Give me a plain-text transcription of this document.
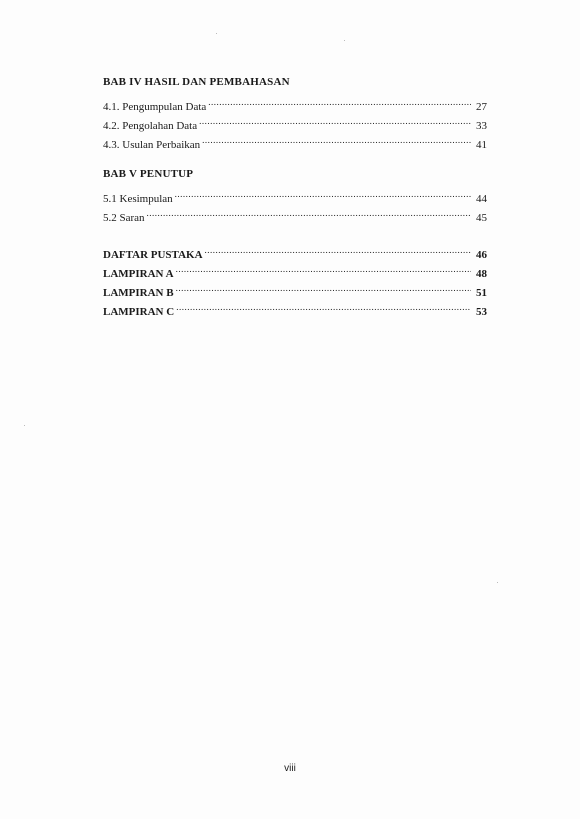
BAB IV HASIL DAN PEMBAHASAN
4.1. Pengumpulan Data .....	27
4.2. Pengolahan Data .....	33
4.3. Usulan Perbaikan .....	41
BAB V PENUTUP
5.1 Kesimpulan .....	44
5.2 Saran .....	45
DAFTAR PUSTAKA .....	46
LAMPIRAN A .....	48
LAMPIRAN B .....	51
LAMPIRAN C .....	53
viii
